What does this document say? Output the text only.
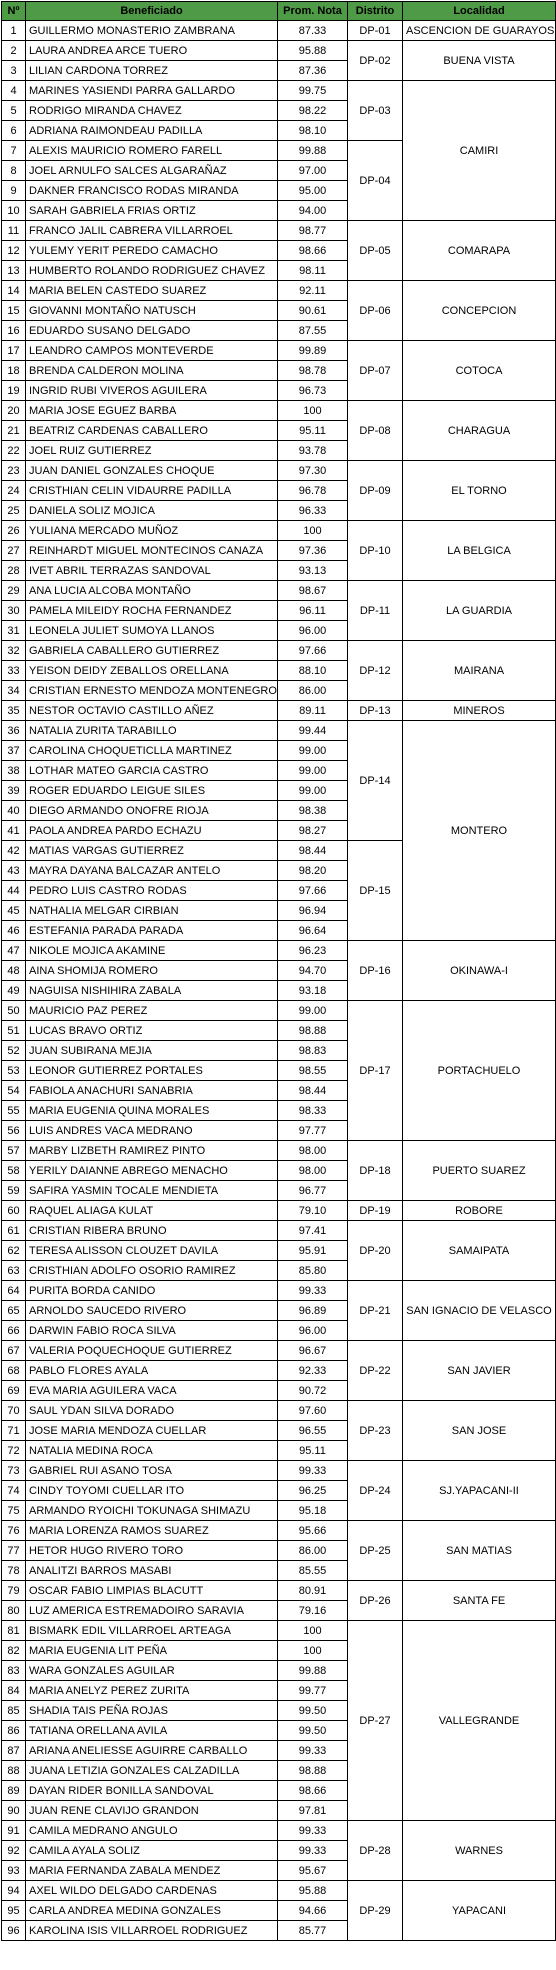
Nº	Beneficiado	Prom. Nota	Distrito	Localidad
1	GUILLERMO MONASTERIO ZAMBRANA	87.33	DP-01	ASCENCION DE GUARAYOS
2	LAURA ANDREA ARCE TUERO	95.88	DP-02	BUENA VISTA
3	LILIAN CARDONA TORREZ	87.36		
4	MARINES YASIENDI PARRA GALLARDO	99.75	DP-03	CAMIRI
5	RODRIGO MIRANDA CHAVEZ	98.22		
6	ADRIANA RAIMONDEAU PADILLA	98.10		
7	ALEXIS MAURICIO ROMERO FARELL	99.88	DP-04	
8	JOEL ARNULFO SALCES ALGARAÑAZ	97.00		
9	DAKNER FRANCISCO RODAS MIRANDA	95.00		
10	SARAH GABRIELA FRIAS ORTIZ	94.00		
11	FRANCO JALIL CABRERA VILLARROEL	98.77	DP-05	COMARAPA
12	YULEMY YERIT PEREDO CAMACHO	98.66		
13	HUMBERTO ROLANDO RODRIGUEZ CHAVEZ	98.11		
14	MARIA BELEN CASTEDO SUAREZ	92.11	DP-06	CONCEPCION
15	GIOVANNI MONTAÑO NATUSCH	90.61		
16	EDUARDO SUSANO DELGADO	87.55		
17	LEANDRO CAMPOS MONTEVERDE	99.89	DP-07	COTOCA
18	BRENDA CALDERON MOLINA	98.78		
19	INGRID RUBI VIVEROS AGUILERA	96.73		
20	MARIA JOSE EGUEZ BARBA	100	DP-08	CHARAGUA
21	BEATRIZ CARDENAS CABALLERO	95.11		
22	JOEL RUIZ GUTIERREZ	93.78		
23	JUAN DANIEL GONZALES CHOQUE	97.30	DP-09	EL TORNO
24	CRISTHIAN CELIN VIDAURRE PADILLA	96.78		
25	DANIELA SOLIZ MOJICA	96.33		
26	YULIANA MERCADO MUÑOZ	100	DP-10	LA BELGICA
27	REINHARDT MIGUEL MONTECINOS CANAZA	97.36		
28	IVET ABRIL TERRAZAS SANDOVAL	93.13		
29	ANA LUCIA ALCOBA MONTAÑO	98.67	DP-11	LA GUARDIA
30	PAMELA MILEIDY ROCHA FERNANDEZ	96.11		
31	LEONELA JULIET SUMOYA LLANOS	96.00		
32	GABRIELA CABALLERO GUTIERREZ	97.66	DP-12	MAIRANA
33	YEISON DEIDY ZEBALLOS ORELLANA	88.10		
34	CRISTIAN ERNESTO MENDOZA MONTENEGRO	86.00		
35	NESTOR OCTAVIO CASTILLO AÑEZ	89.11	DP-13	MINEROS
36	NATALIA ZURITA TARABILLO	99.44	DP-14	MONTERO
37	CAROLINA CHOQUETICLLA MARTINEZ	99.00		
38	LOTHAR MATEO GARCIA CASTRO	99.00		
39	ROGER EDUARDO LEIGUE SILES	99.00		
40	DIEGO ARMANDO ONOFRE RIOJA	98.38		
41	PAOLA ANDREA PARDO ECHAZU	98.27		
42	MATIAS VARGAS GUTIERREZ	98.44	DP-15	
43	MAYRA DAYANA BALCAZAR ANTELO	98.20		
44	PEDRO LUIS CASTRO RODAS	97.66		
45	NATHALIA MELGAR CIRBIAN	96.94		
46	ESTEFANIA PARADA PARADA	96.64		
47	NIKOLE MOJICA AKAMINE	96.23	DP-16	OKINAWA-I
48	AINA SHOMIJA ROMERO	94.70		
49	NAGUISA NISHIHIRA ZABALA	93.18		
50	MAURICIO PAZ PEREZ	99.00	DP-17	PORTACHUELO
51	LUCAS BRAVO ORTIZ	98.88		
52	JUAN SUBIRANA MEJIA	98.83		
53	LEONOR GUTIERREZ PORTALES	98.55		
54	FABIOLA ANACHURI SANABRIA	98.44		
55	MARIA EUGENIA QUINA MORALES	98.33		
56	LUIS ANDRES VACA MEDRANO	97.77		
57	MARBY LIZBETH RAMIREZ PINTO	98.00	DP-18	PUERTO SUAREZ
58	YERILY DAIANNE ABREGO MENACHO	98.00		
59	SAFIRA YASMIN TOCALE MENDIETA	96.77		
60	RAQUEL ALIAGA KULAT	79.10	DP-19	ROBORE
61	CRISTIAN RIBERA BRUNO	97.41	DP-20	SAMAIPATA
62	TERESA ALISSON CLOUZET DAVILA	95.91		
63	CRISTHIAN ADOLFO OSORIO RAMIREZ	85.80		
64	PURITA BORDA CANIDO	99.33	DP-21	SAN IGNACIO DE VELASCO
65	ARNOLDO SAUCEDO RIVERO	96.89		
66	DARWIN FABIO ROCA SILVA	96.00		
67	VALERIA POQUECHOQUE GUTIERREZ	96.67	DP-22	SAN JAVIER
68	PABLO FLORES AYALA	92.33		
69	EVA MARIA AGUILERA VACA	90.72		
70	SAUL YDAN SILVA DORADO	97.60	DP-23	SAN JOSE
71	JOSE MARIA MENDOZA CUELLAR	96.55		
72	NATALIA MEDINA ROCA	95.11		
73	GABRIEL RUI ASANO TOSA	99.33	DP-24	SJ.YAPACANI-II
74	CINDY TOYOMI CUELLAR ITO	96.25		
75	ARMANDO RYOICHI TOKUNAGA SHIMAZU	95.18		
76	MARIA LORENZA RAMOS SUAREZ	95.66	DP-25	SAN MATIAS
77	HETOR HUGO RIVERO TORO	86.00		
78	ANALITZI BARROS MASABI	85.55		
79	OSCAR FABIO LIMPIAS BLACUTT	80.91	DP-26	SANTA FE
80	LUZ AMERICA ESTREMADOIRO SARAVIA	79.16		
81	BISMARK EDIL VILLARROEL ARTEAGA	100	DP-27	VALLEGRANDE
82	MARIA EUGENIA LIT PEÑA	100		
83	WARA GONZALES AGUILAR	99.88		
84	MARIA ANELYZ PEREZ ZURITA	99.77		
85	SHADIA TAIS PEÑA ROJAS	99.50		
86	TATIANA ORELLANA AVILA	99.50		
87	ARIANA ANELIESSE AGUIRRE CARBALLO	99.33		
88	JUANA LETIZIA GONZALES CALZADILLA	98.88		
89	DAYAN RIDER BONILLA SANDOVAL	98.66		
90	JUAN RENE CLAVIJO GRANDON	97.81		
91	CAMILA MEDRANO ANGULO	99.33	DP-28	WARNES
92	CAMILA AYALA SOLIZ	99.33		
93	MARIA FERNANDA ZABALA MENDEZ	95.67		
94	AXEL WILDO DELGADO CARDENAS	95.88	DP-29	YAPACANI
95	CARLA ANDREA MEDINA GONZALES	94.66		
96	KAROLINA ISIS VILLARROEL RODRIGUEZ	85.77		
